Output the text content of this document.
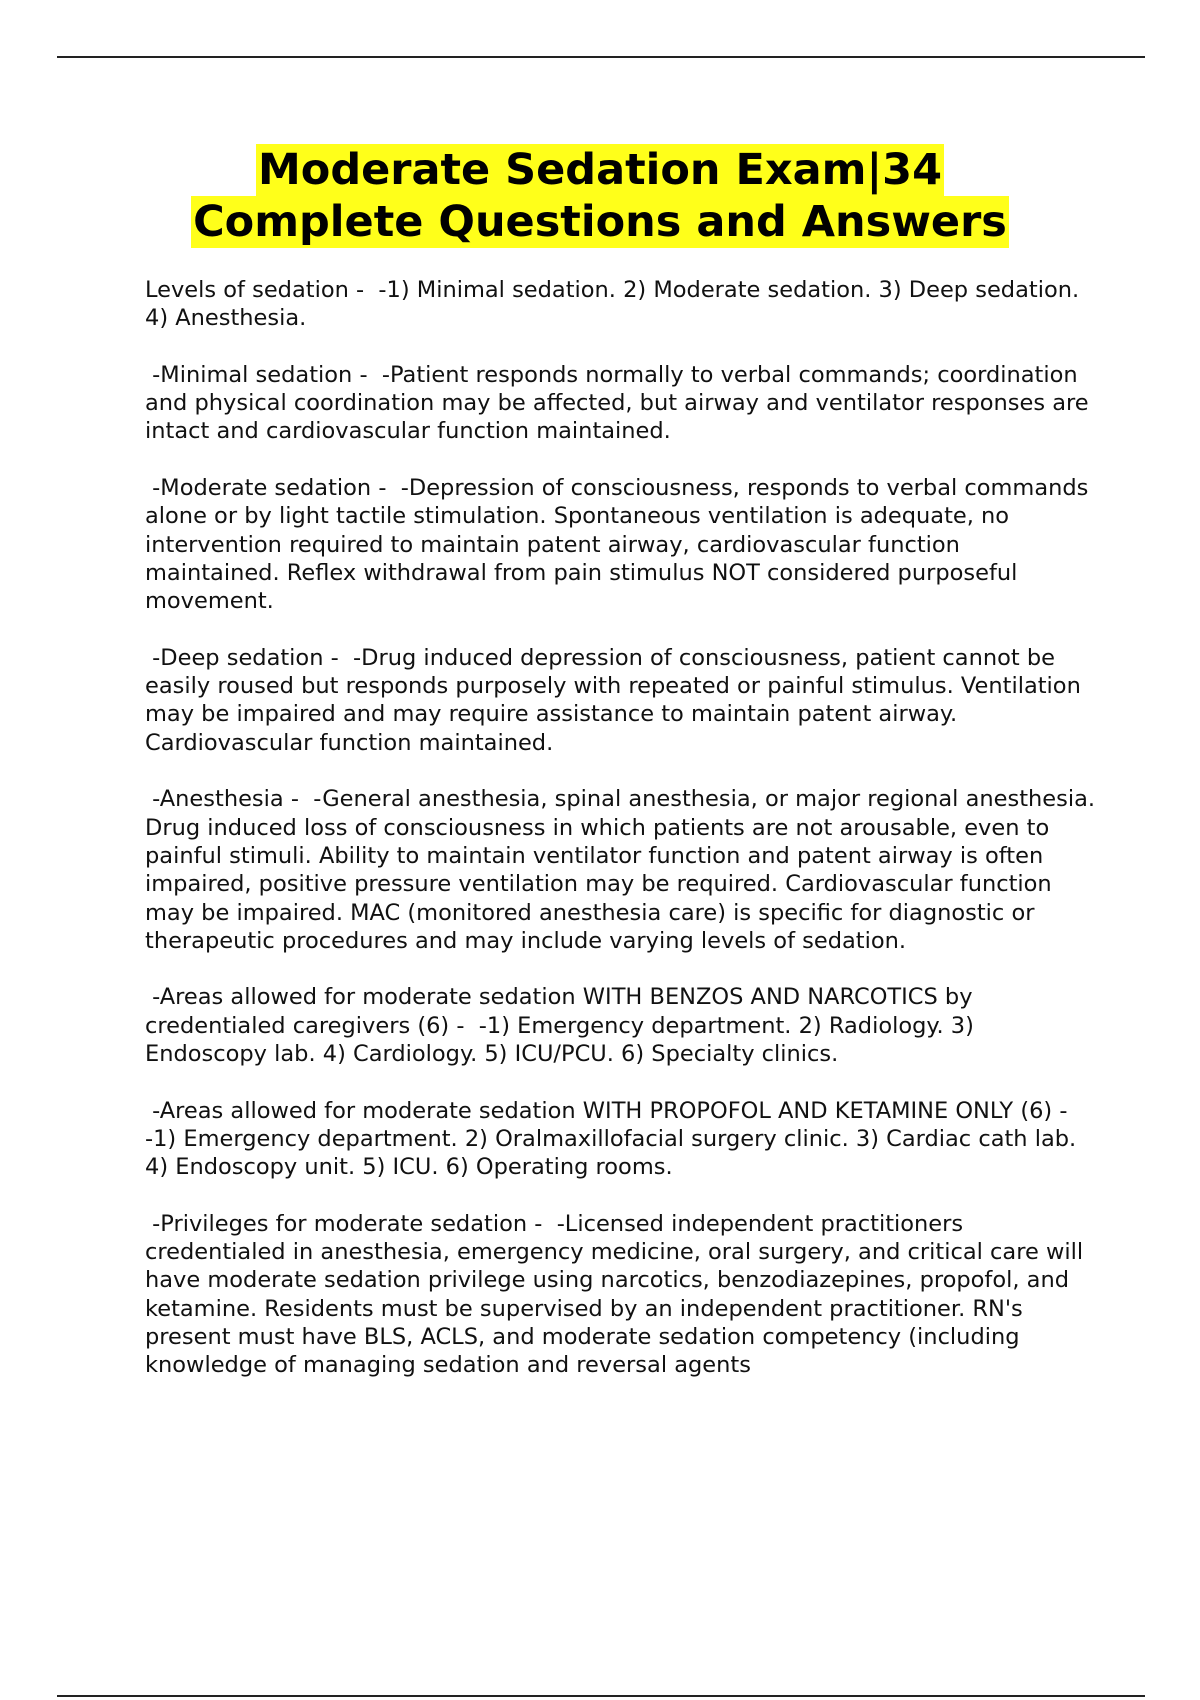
Moderate Sedation Exam|34
Complete Questions and Answers

Levels of sedation -  -1) Minimal sedation. 2) Moderate sedation. 3) Deep sedation. 4) Anesthesia.

-Minimal sedation -  -Patient responds normally to verbal commands; coordination and physical coordination may be affected, but airway and ventilator responses are intact and cardiovascular function maintained.

-Moderate sedation -  -Depression of consciousness, responds to verbal commands alone or by light tactile stimulation. Spontaneous ventilation is adequate, no intervention required to maintain patent airway, cardiovascular function maintained. Reflex withdrawal from pain stimulus NOT considered purposeful movement.

-Deep sedation -  -Drug induced depression of consciousness, patient cannot be easily roused but responds purposely with repeated or painful stimulus. Ventilation may be impaired and may require assistance to maintain patent airway. Cardiovascular function maintained.

-Anesthesia -  -General anesthesia, spinal anesthesia, or major regional anesthesia. Drug induced loss of consciousness in which patients are not arousable, even to painful stimuli. Ability to maintain ventilator function and patent airway is often impaired, positive pressure ventilation may be required. Cardiovascular function may be impaired. MAC (monitored anesthesia care) is specific for diagnostic or therapeutic procedures and may include varying levels of sedation.

-Areas allowed for moderate sedation WITH BENZOS AND NARCOTICS by credentialed caregivers (6) -  -1) Emergency department. 2) Radiology. 3) Endoscopy lab. 4) Cardiology. 5) ICU/PCU. 6) Specialty clinics.

-Areas allowed for moderate sedation WITH PROPOFOL AND KETAMINE ONLY (6) -  -1) Emergency department. 2) Oralmaxillofacial surgery clinic. 3) Cardiac cath lab. 4) Endoscopy unit. 5) ICU. 6) Operating rooms.

-Privileges for moderate sedation -  -Licensed independent practitioners credentialed in anesthesia, emergency medicine, oral surgery, and critical care will have moderate sedation privilege using narcotics, benzodiazepines, propofol, and ketamine. Residents must be supervised by an independent practitioner. RN's present must have BLS, ACLS, and moderate sedation competency (including knowledge of managing sedation and reversal agents
